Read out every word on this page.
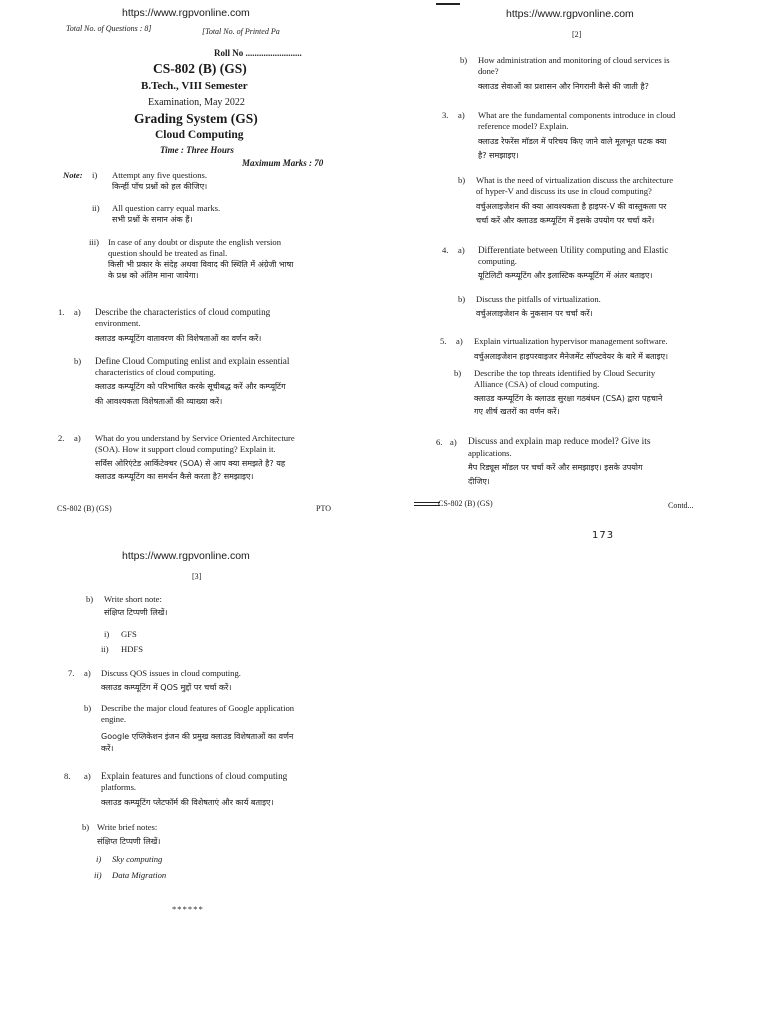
https://www.rgpvonline.com
Total No. of Questions : 8]	[Total No. of Printed Pa
Roll No .........................
CS-802 (B) (GS)
B.Tech., VIII Semester
Examination, May 2022
Grading System (GS)
Cloud Computing
Time : Three Hours
Maximum Marks : 70
Note: i) Attempt any five questions.
किन्हीं पाँच प्रश्नों को हल कीजिए।
ii) All question carry equal marks.
सभी प्रश्नों के समान अंक हैं।
iii) In case of any doubt or dispute the english version
question should be treated as final.
किसी भी प्रकार के संदेह अथवा विवाद की स्थिति में अंग्रेजी भाषा
के प्रश्न को अंतिम माना जायेगा।
1. a) Describe the characteristics of cloud computing
environment.
क्लाउड कम्प्यूटिंग वातावरण की विशेषताओं का वर्णन करें।
b) Define Cloud Computing enlist and explain essential
characteristics of cloud computing.
क्लाउड कम्प्यूटिंग को परिभाषित करके सूचीबद्ध करें और कम्प्यूटिंग
की आवश्यकता विशेषताओं की व्याख्या करें।
2. a) What do you understand by Service Oriented Architecture
(SOA). How it support cloud computing? Explain it.
सर्विस ओरिएंटेड आर्किटेक्चर (SOA) से आप क्या समझते है? यह
क्लाउड कम्प्यूटिंग का समर्थन कैसे करता है? समझाइए।
CS-802 (B) (GS)	PTO
https://www.rgpvonline.com
[2]
b) How administration and monitoring of cloud services is
done?
क्लाउड सेवाओं का प्रशासन और निगरानी कैसे की जाती है?
3. a) What are the fundamental components introduce in cloud
reference model? Explain.
क्लाउड रेफरेंस मॉडल में परिचय किए जाने वाले मूलभूत घटक क्या
है? समझाइए।
b) What is the need of virtualization discuss the architecture
of hyper-V and discuss its use in cloud computing?
वर्चुअलाइजेशन की क्या आवश्यकता है हाइपर-V की वास्तुकला पर
चर्चा करें और क्लाउड कम्प्यूटिंग में इसके उपयोग पर चर्चा करें।
4. a) Differentiate between Utility computing and Elastic
computing.
यूटिलिटी कम्प्यूटिंग और इलास्टिक कम्प्यूटिंग में अंतर बताइए।
b) Discuss the pitfalls of virtualization.
वर्चुअलाइजेशन के नुकसान पर चर्चा करें।
5. a) Explain virtualization hypervisor management software.
वर्चुअलाइजेशन हाइपरवाइजर मैनेजमेंट सॉफ्टवेयर के बारे में बताइए।
b) Describe the top threats identified by Cloud Security
Alliance (CSA) of cloud computing.
क्लाउड कम्प्यूटिंग के क्लाउड सुरक्षा गठबंधन (CSA) द्वारा पहचाने
गए शीर्ष खतरों का वर्णन करें।
6. a) Discuss and explain map reduce model? Give its
applications.
मैप रिड्यूस मॉडल पर चर्चा करें और समझाइए। इसके उपयोग
दीजिए।
CS-802 (B) (GS)	Contd...
173
https://www.rgpvonline.com
[3]
b) Write short note:
संक्षिप्त टिप्पणी लिखें।
i) GFS
ii) HDFS
7. a) Discuss QOS issues in cloud computing.
क्लाउड कम्प्यूटिंग में QOS मुद्दों पर चर्चा करें।
b) Describe the major cloud features of Google application
engine.
Google एप्लिकेशन इंजन की प्रमुख क्लाउड विशेषताओं का वर्णन
करें।
8. a) Explain features and functions of cloud computing
platforms.
क्लाउड कम्प्यूटिंग प्लेटफॉर्म की विशेषताएं और कार्य बताइए।
b) Write brief notes:
संक्षिप्त टिप्पणी लिखें।
i) Sky computing
ii) Data Migration
******
